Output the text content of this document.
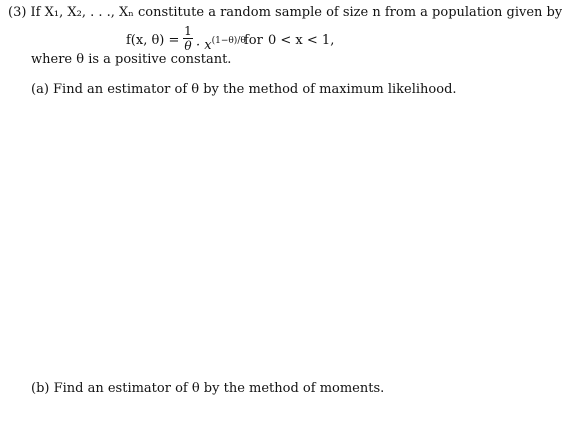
(3) If X₁, X₂, . . ., Xₙ constitute a random sample of size n from a population given by
f(x, θ) =
1
$\theta \cdot x^{(1-\theta)/\theta}$
for 0 < x < 1,
where θ is a positive constant.
(a) Find an estimator of θ by the method of maximum likelihood.
(b) Find an estimator of θ by the method of moments.
